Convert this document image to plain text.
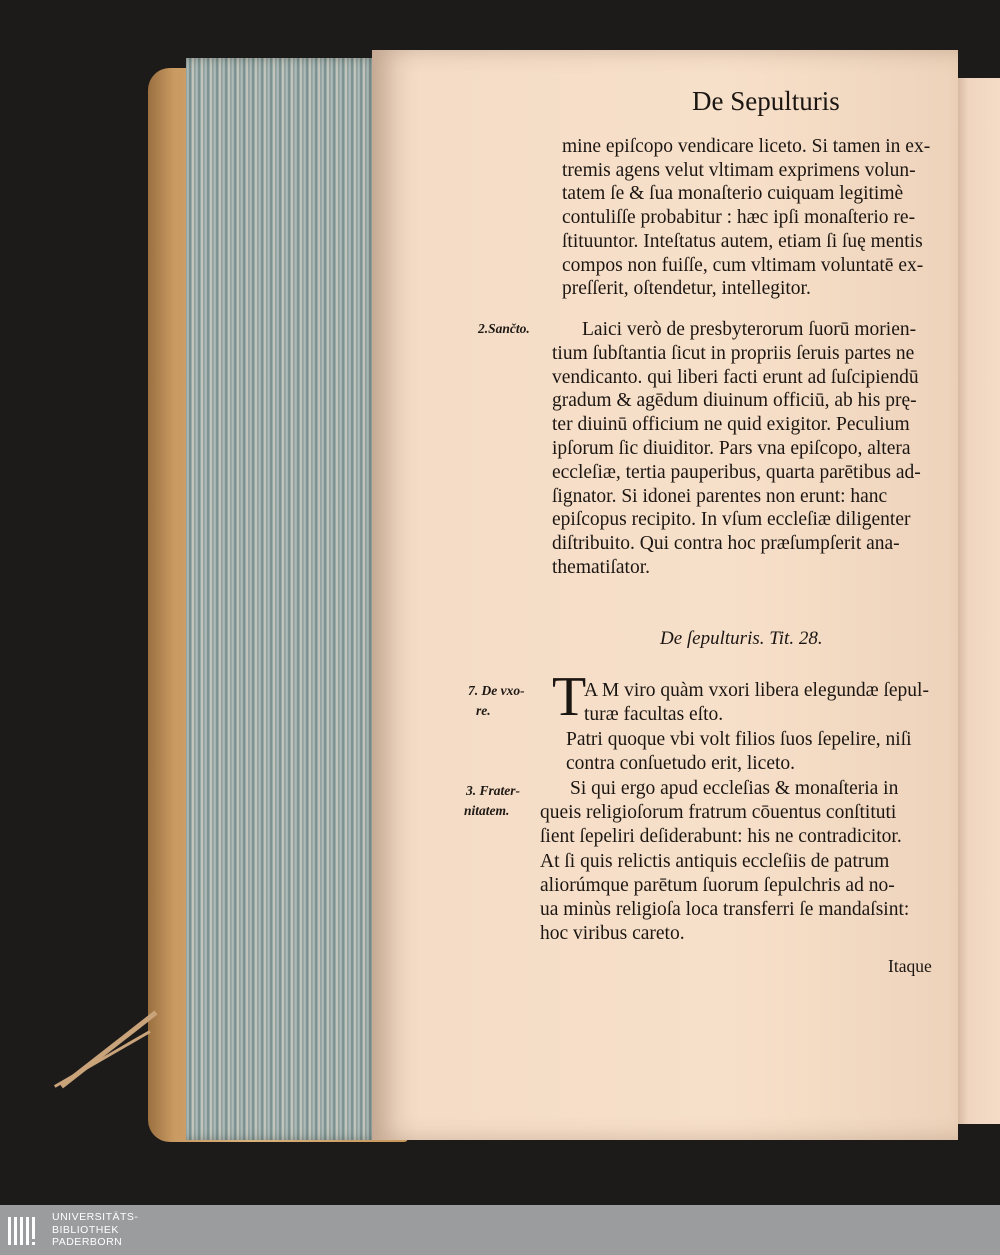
De Sepulturis
mine epiſcopo vendicare liceto. Si tamen in ex-
tremis agens velut vltimam exprimens volun-
tatem ſe & ſua monaſterio cuiquam legitimè
contuliſſe probabitur : hæc ipſi monaſterio re-
ſtituuntor. Inteſtatus autem, etiam ſi ſuę mentis
compos non fuiſſe, cum vltimam voluntatē ex-
preſſerit, oſtendetur, intellegitor.
2.Sančto.	Laici verò de presbyterorum ſuorū morien-
tium ſubſtantia ſicut in propriis ſeruis partes ne
vendicanto. qui liberi facti erunt ad ſuſcipiendū
gradum & agēdum diuinum officiū, ab his prę-
ter diuinū officium ne quid exigitor. Peculium
ipſorum ſic diuiditor. Pars vna epiſcopo, altera
eccleſiæ, tertia pauperibus, quarta parētibus ad-
ſignator. Si idonei parentes non erunt: hanc
epiſcopus recipito. In vſum eccleſiæ diligenter
diſtribuito. Qui contra hoc præſumpſerit ana-
thematiſator.
De ſepulturis. Tit. 28.
7. De vxo-
re. T
A M viro quàm vxori libera elegundæ ſepul-
turæ facultas eſto.
Patri quoque vbi volt filios ſuos ſepelire, niſi
contra conſuetudo erit, liceto.
3. Frater-
nitatem.
Si qui ergo apud eccleſias & monaſteria in
queis religioſorum fratrum cōuentus conſtituti
ſient ſepeliri deſiderabunt: his ne contradicitor.
At ſi quis relictis antiquis eccleſiis de patrum
aliorúmque parētum ſuorum ſepulchris ad no-
ua minùs religioſa loca transferri ſe mandaſsint:
hoc viribus careto.
Itaque
UNIVERSITÄTS-
BIBLIOTHEK
PADERBORN
